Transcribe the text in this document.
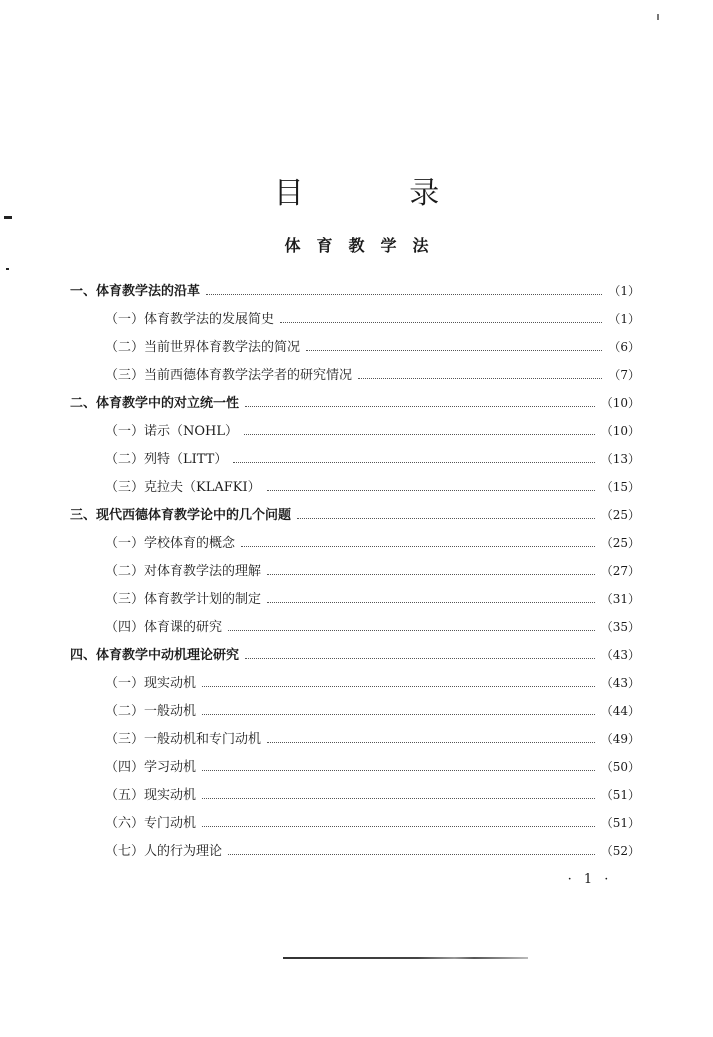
目 录
体育教学法
一、体育教学法的沿革	（1）
（一）体育教学法的发展简史	（1）
（二）当前世界体育教学法的简况	（6）
（三）当前西德体育教学法学者的研究情况	（7）
二、体育教学中的对立统一性	（10）
（一）诺示（NOHL）	（10）
（二）列特（LITT）	（13）
（三）克拉夫（KLAFKI）	（15）
三、现代西德体育教学论中的几个问题	（25）
（一）学校体育的概念	（25）
（二）对体育教学法的理解	（27）
（三）体育教学计划的制定	（31）
（四）体育课的研究	（35）
四、体育教学中动机理论研究	（43）
（一）现实动机	（43）
（二）一般动机	（44）
（三）一般动机和专门动机	（49）
（四）学习动机	（50）
（五）现实动机	（51）
（六）专门动机	（51）
（七）人的行为理论	（52）
· 1 ·
